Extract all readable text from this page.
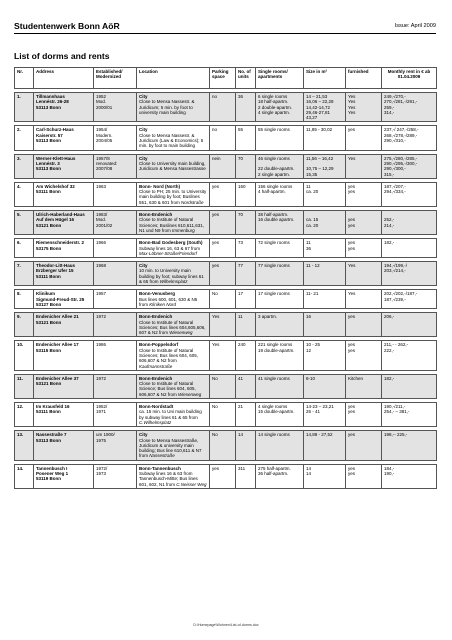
Studentenwerk Bonn AöR	Issue: April 2009
List of dorms and rents
Nr.	Address	Established/ Modernized	Location	Parking space	No. of units	Single rooms/ apartments	Size in m²	furnished	Monthly rent in € ab 01.04.2009

1.	Tillmannhaus
Lennéstr. 26-28
53113 Bonn	1952
Mod.
2000/01	City
Close to Mensa Nassestr. & Juridicum; 5 min. by foot to university main building	no	36	6 single rooms
18 half-apartm.
2 double-apartm.
4 single apartm.	14 – 21,53
16,06 – 22,28
14,42-14,72
29,46-27,81
43,27	Yes
Yes
Yes
Yes	249,-/270,-
270,-/281,-/291,-
259,-
314,-

2.	Carl-Schurz-Haus
Kaiserstr. 57
53113 Bonn	1954/
Modern.
2004/05	City
Close to Mensa Nassestr. & Juridicum (Law & Economics); 5 min. by foot to main building	no	55	55 single rooms	11,85 - 30,02	yes	237,-/ 247,-/258,-
268,-/278,-/289,-
290,-/310,-

3.	Werner-Klett-Haus
Lennéstr. 3
53113 Bonn	1957/8
renovated:
2007/08	City
Close to University main building, Juridicum & Mensa Nassestrasse	nein	70	46 single rooms

22 double-apartm.
2 single apartm.	11,56 – 16,42

10,75 – 12,29
15,35	Yes	275,-/280,-/285,-
290,-/295,-/300,-
290,-/300,-
315,-

4.	Am Wichelshof 32
53111 Bonn	1963	Bonn- Nord (North)
Close to PH; 25 min. to University main building by foot; Buslines 551, 630 & 601 from Nordstraße	yes	160	156 single rooms
4 half-apartm.	11
ca. 20	yes
yes	187,-/207,-
294,-/334,-

5.	Ulrich-Haberland-Haus
Auf dem Hügel 16
53121 Bonn	1983/
Mod.
2001/02	Bonn-Endenich
Close to Institute of Natural Sciences; Buslines 610,611,631, N1 und N9 from Immenburg	yes	70	38 half-apartm.
16 double apartm.	
ca. 15
ca. 20	
yes
yes	
252,-
214,-

6.	Riemenschneiderstr. 2
53175 Bonn	1966	Bonn-Bad Godesberg (South)
Subway lines 16, 63 & 67 from Max-Löbner-Straße/Friesdorf	yes	73	72 single rooms	11
36	yes
yes	182,-

7.	Theodor-Litt-Haus
Erzberger Ufer 15
53111 Bonn	1968	City
10 min. to University main building by foot; subway lines 61 & 65 from Wilhelmsplatz	yes	77	77 single rooms	11 - 12	Yes	194,-/199,-/
203,-/214,-

8.	Klinikum
Sigmund-Freud-Str. 25
53127 Bonn	1957	Bonn-Venusberg
Bus lines 600, 601, 630 & N5 from Kliniken Nord	No	17	17 single rooms	11- 21	Yes	202,-/202,-/187,-
187,-/239,-

9.	Endenicher Allee 21
53121 Bonn	1972	Bonn-Endenich
Close to Institute of Natural Sciences; Bus lines 604,605,606, 607 & N2 from Wiesenweg	Yes	11	3 apartm.	16	yes	206,-

10.	Endenicher Allee 17
53115 Bonn	1986	Bonn-Poppelsdorf
Close to Institute of Natural Sciences; Bus lines 604, 605, 606,607 & N2 from Kaufmannstraße	Yes	240	221 single rooms
19 double-apartm.	10 - 25
12	yes
yes	211,- - 262,-
222,-

11.	Endenicher Allee 37
53121 Bonn	1972	Bonn-Endenich
Close to Institute of Natural Science; Bus lines 604, 605, 606,607 & N2 from Wiesenweg	No	41	41 single rooms	8-10	Kitchen	182,-

12.	Im Krausfeld 16
53111 Bonn	1952/
1971	Bonn-Nordstadt
ca. 15 min. to Uni main building by subway lines 61 & 65 from C.Wilhelmsplatz	No	21	4 single rooms
15 double-apartm.	14-23 – 23,21
26 - 41	yes
yes	190,-/211,-
254,- – 381,-

13.	Nassestraße 7
53113 Bonn	um 1900/
1975	City
Close to Mensa Nassestraße, Juridicum & university main building; Bus line 610,611 & N7 from Nassestraße	No	14	14 single rooms	14,88 - 27,52	yes	198,-- 225,-

14.	Tannenbusch I
Posener Weg 1
53119 Bonn	1972/
1973	Bonn-Tannenbusch
Subway lines 16 & 63 from Tannenbusch-Mitte; Bus lines 601, 602, N1 from C.Neisser Weg	yes	311	275 half-apartm.
36 half-apartm.	14
14	yes
yes	184,-
190,-
D:\Homepage\Wohnen\List-of-dorms.doc
